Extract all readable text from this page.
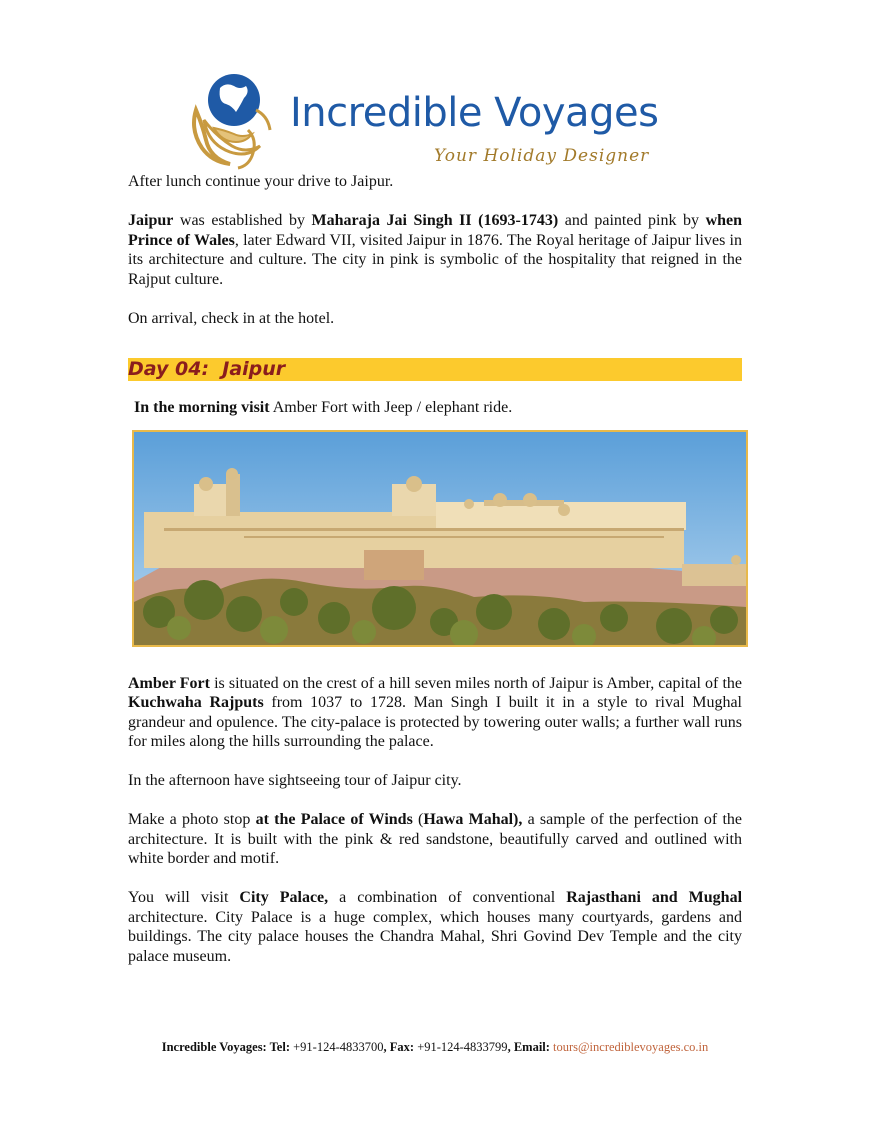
Incredible Voyages
Your Holiday Designer

After lunch continue your drive to Jaipur.

Jaipur was established by Maharaja Jai Singh II (1693-1743) and painted pink by when Prince of Wales, later Edward VII, visited Jaipur in 1876. The Royal heritage of Jaipur lives in its architecture and culture. The city in pink is symbolic of the hospitality that reigned in the Rajput culture.

On arrival, check in at the hotel.

Day 04:  Jaipur

In the morning visit Amber Fort with Jeep / elephant ride.

Amber Fort is situated on the crest of a hill seven miles north of Jaipur is Amber, capital of the Kuchwaha Rajputs from 1037 to 1728. Man Singh I built it in a style to rival Mughal grandeur and opulence. The city-palace is protected by towering outer walls; a further wall runs for miles along the hills surrounding the palace.

In the afternoon have sightseeing tour of Jaipur city.

Make a photo stop at the Palace of Winds (Hawa Mahal), a sample of the perfection of the architecture. It is built with the pink & red sandstone, beautifully carved and outlined with white border and motif.

You will visit City Palace, a combination of conventional Rajasthani and Mughal architecture. City Palace is a huge complex, which houses many courtyards, gardens and buildings. The city palace houses the Chandra Mahal, Shri Govind Dev Temple and the city palace museum.

Incredible Voyages: Tel: +91-124-4833700, Fax: +91-124-4833799, Email: tours@incrediblevoyages.co.in
